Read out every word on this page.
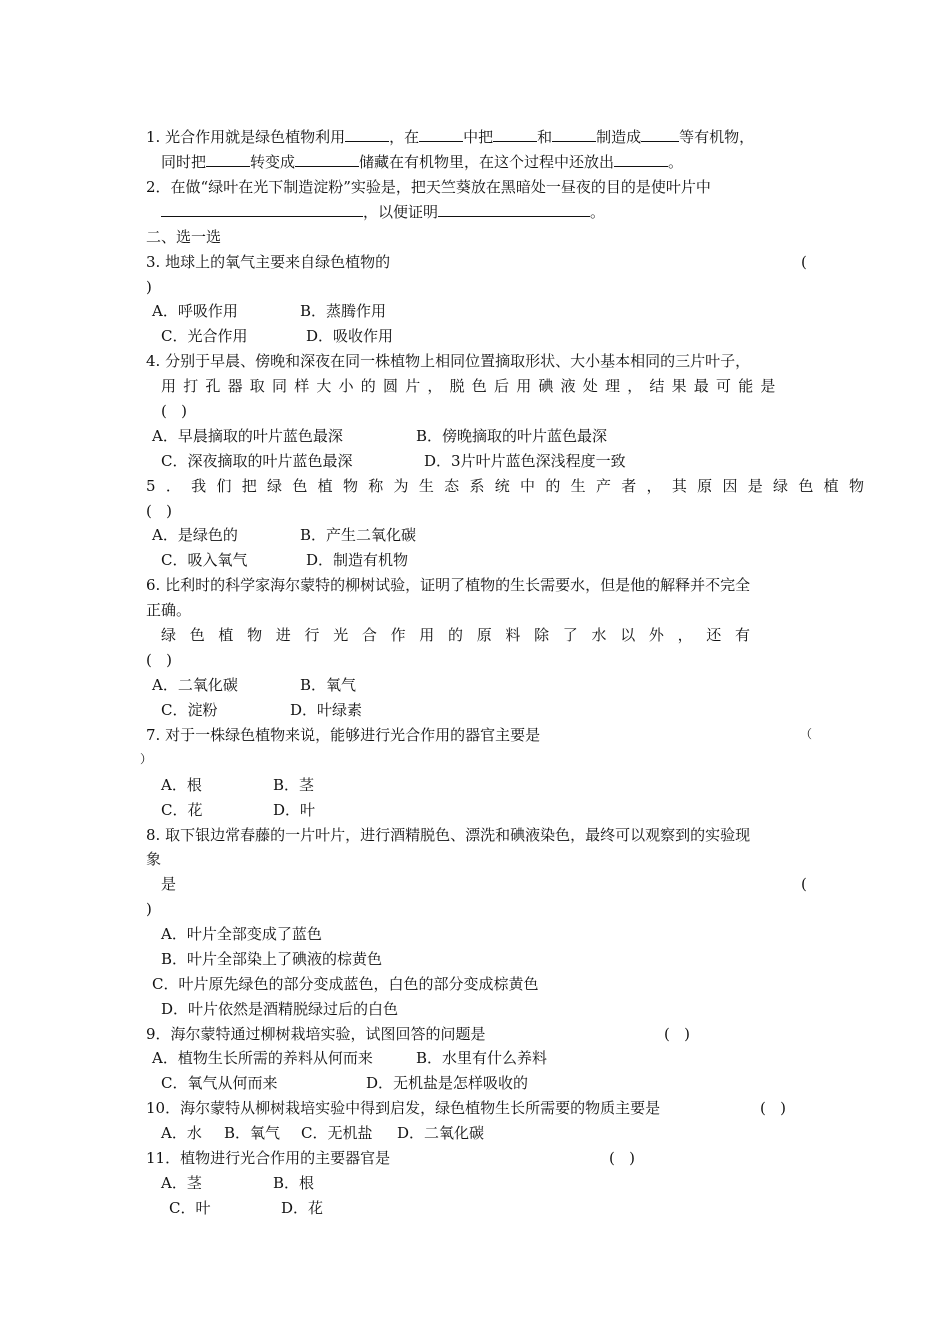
1. 光合作用就是绿色植物利用	，在	中把	和	制造成	等有机物，
同时把	转变成	储藏在有机物里，在这个过程中还放出	。
2．在做“绿叶在光下制造淀粉”实验是，把天竺葵放在黑暗处一昼夜的目的是使叶片中
，以便证明	。
二、选一选
3. 地球上的氧气主要来自绿色植物的	(
)
A．呼吸作用	B．蒸腾作用
C．光合作用	D．吸收作用
4. 分别于早晨、傍晚和深夜在同一株植物上相同位置摘取形状、大小基本相同的三片叶子，
用打孔器取同样大小的圆片，脱色后用碘液处理，结果最可能是
(   )
A．早晨摘取的叶片蓝色最深	B．傍晚摘取的叶片蓝色最深
C．深夜摘取的叶片蓝色最深	D．3片叶片蓝色深浅程度一致
5．我们把绿色植物称为生态系统中的生产者，其原因是绿色植物
(   )
A．是绿色的	B．产生二氧化碳
C．吸入氧气	D．制造有机物
6. 比利时的科学家海尔蒙特的柳树试验，证明了植物的生长需要水，但是他的解释并不完全
正确。
绿色植物进行光合作用的原料除了水以外，还有
(   )
A．二氧化碳	B．氧气
C．淀粉	D．叶绿素
7. 对于一株绿色植物来说，能够进行光合作用的器官主要是	（
）
A．根	B．茎
C．花	D．叶
8. 取下银边常春藤的一片叶片，进行酒精脱色、漂洗和碘液染色，最终可以观察到的实验现
象
是	(
)
A．叶片全部变成了蓝色
B．叶片全部染上了碘液的棕黄色
C．叶片原先绿色的部分变成蓝色，白色的部分变成棕黄色
D．叶片依然是酒精脱绿过后的白色
9．海尔蒙特通过柳树栽培实验，试图回答的问题是	(   )
A．植物生长所需的养料从何而来	B．水里有什么养料
C．氧气从何而来	D．无机盐是怎样吸收的
10．海尔蒙特从柳树栽培实验中得到启发，绿色植物生长所需要的物质主要是	(   )
A．水 B．氧气 C．无机盐 D．二氧化碳
11．植物进行光合作用的主要器官是	(   )
A．茎	B．根
C．叶	D．花
